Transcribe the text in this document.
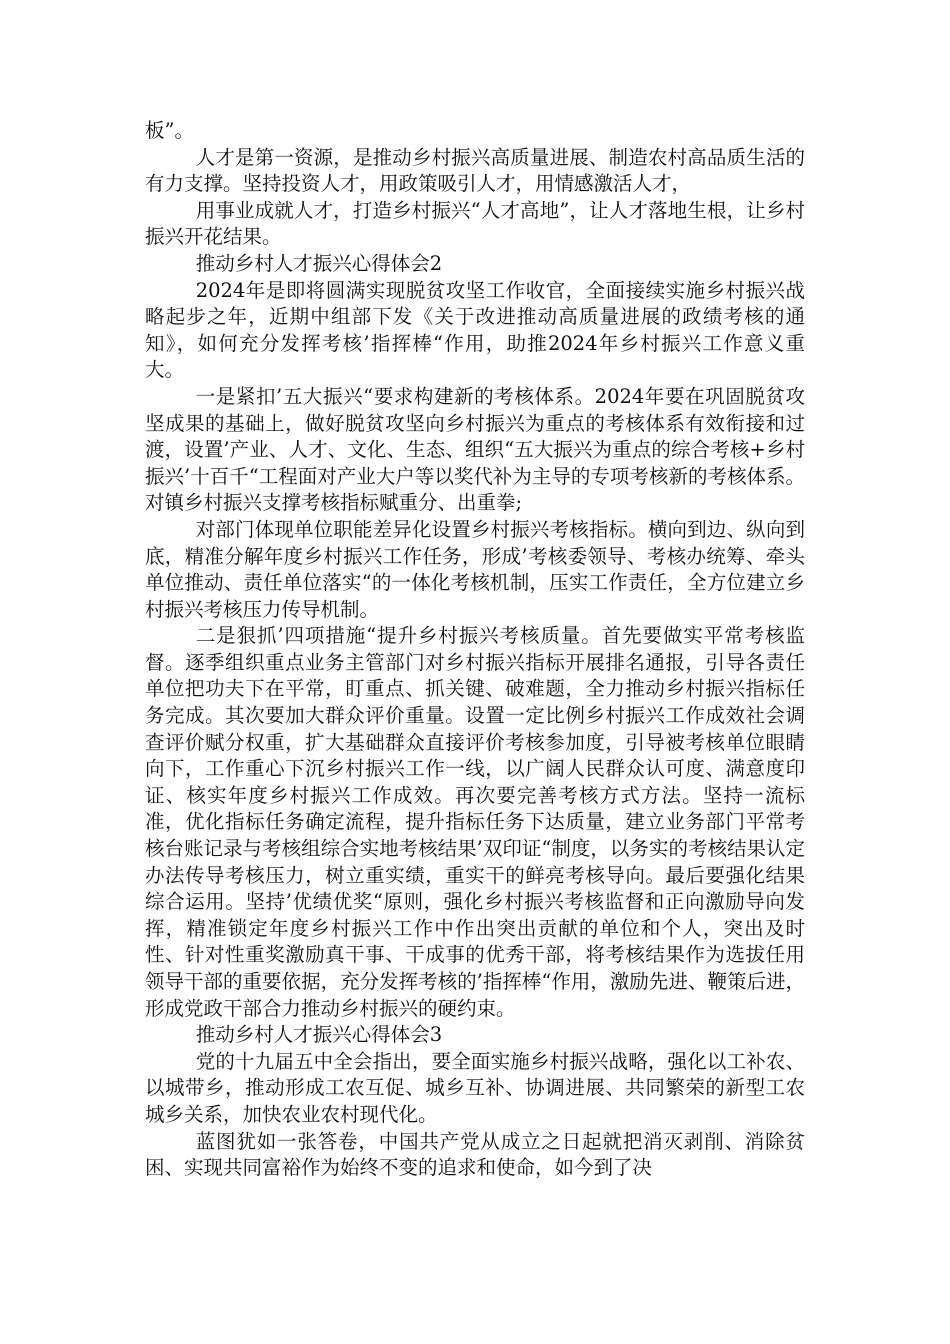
板”。

人才是第一资源，是推动乡村振兴高质量进展、制造农村高品质生活的有力支撑。坚持投资人才，用政策吸引人才，用情感激活人才，

用事业成就人才，打造乡村振兴“人才高地”，让人才落地生根，让乡村振兴开花结果。

推动乡村人才振兴心得体会2

2024年是即将圆满实现脱贫攻坚工作收官，全面接续实施乡村振兴战略起步之年，近期中组部下发《关于改进推动高质量进展的政绩考核的通知》，如何充分发挥考核’指挥棒“作用，助推2024年乡村振兴工作意义重大。

一是紧扣’五大振兴“要求构建新的考核体系。2024年要在巩固脱贫攻坚成果的基础上，做好脱贫攻坚向乡村振兴为重点的考核体系有效衔接和过渡，设置’产业、人才、文化、生态、组织“五大振兴为重点的综合考核+乡村振兴’十百千“工程面对产业大户等以奖代补为主导的专项考核新的考核体系。对镇乡村振兴支撑考核指标赋重分、出重拳;

对部门体现单位职能差异化设置乡村振兴考核指标。横向到边、纵向到底，精准分解年度乡村振兴工作任务，形成’考核委领导、考核办统筹、牵头单位推动、责任单位落实“的一体化考核机制，压实工作责任，全方位建立乡村振兴考核压力传导机制。

二是狠抓’四项措施“提升乡村振兴考核质量。首先要做实平常考核监督。逐季组织重点业务主管部门对乡村振兴指标开展排名通报，引导各责任单位把功夫下在平常，盯重点、抓关键、破难题，全力推动乡村振兴指标任务完成。其次要加大群众评价重量。设置一定比例乡村振兴工作成效社会调查评价赋分权重，扩大基础群众直接评价考核参加度，引导被考核单位眼睛向下，工作重心下沉乡村振兴工作一线，以广阔人民群众认可度、满意度印证、核实年度乡村振兴工作成效。再次要完善考核方式方法。坚持一流标准，优化指标任务确定流程，提升指标任务下达质量，建立业务部门平常考核台账记录与考核组综合实地考核结果’双印证“制度，以务实的考核结果认定办法传导考核压力，树立重实绩，重实干的鲜亮考核导向。最后要强化结果综合运用。坚持’优绩优奖“原则，强化乡村振兴考核监督和正向激励导向发挥，精准锁定年度乡村振兴工作中作出突出贡献的单位和个人，突出及时性、针对性重奖激励真干事、干成事的优秀干部，将考核结果作为选拔任用领导干部的重要依据，充分发挥考核的’指挥棒“作用，激励先进、鞭策后进，形成党政干部合力推动乡村振兴的硬约束。

推动乡村人才振兴心得体会3

党的十九届五中全会指出，要全面实施乡村振兴战略，强化以工补农、以城带乡，推动形成工农互促、城乡互补、协调进展、共同繁荣的新型工农城乡关系，加快农业农村现代化。

蓝图犹如一张答卷，中国共产党从成立之日起就把消灭剥削、消除贫困、实现共同富裕作为始终不变的追求和使命，如今到了决
